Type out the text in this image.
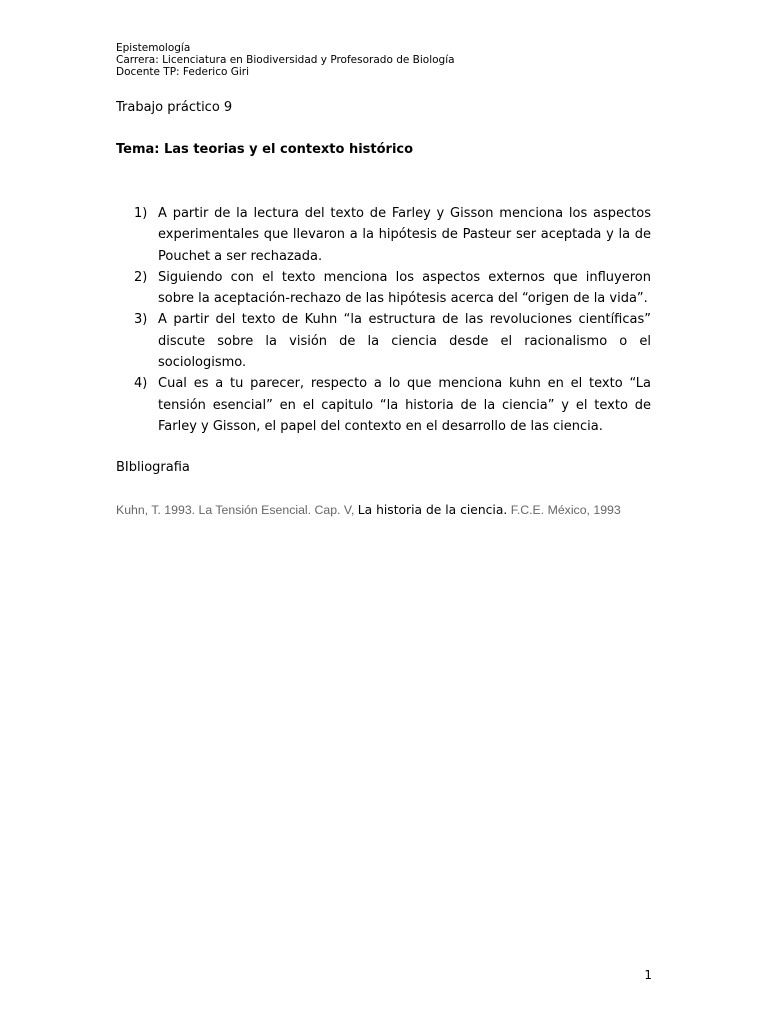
Epistemología
Carrera: Licenciatura en Biodiversidad y Profesorado de Biología
Docente TP: Federico Giri
Trabajo práctico 9
Tema: Las teorias y el contexto histórico
1) A partir de la lectura del texto de Farley y Gisson menciona los aspectos experimentales que llevaron a la hipótesis de Pasteur ser aceptada y la de Pouchet a ser rechazada.
2) Siguiendo con el texto menciona los aspectos externos que influyeron sobre la aceptación-rechazo de las hipótesis acerca del “origen de la vida”.
3) A partir del texto de Kuhn “la estructura de las revoluciones científicas” discute sobre la visión de la ciencia desde el racionalismo o el sociologismo.
4) Cual es a tu parecer, respecto a lo que menciona kuhn en el texto “La tensión esencial” en el capitulo “la historia de la ciencia” y el texto de Farley y Gisson, el papel del contexto en el desarrollo de las ciencia.
BIbliografia
Kuhn, T. 1993. La Tensión Esencial. Cap. V, La historia de la ciencia. F.C.E. México, 1993
1
